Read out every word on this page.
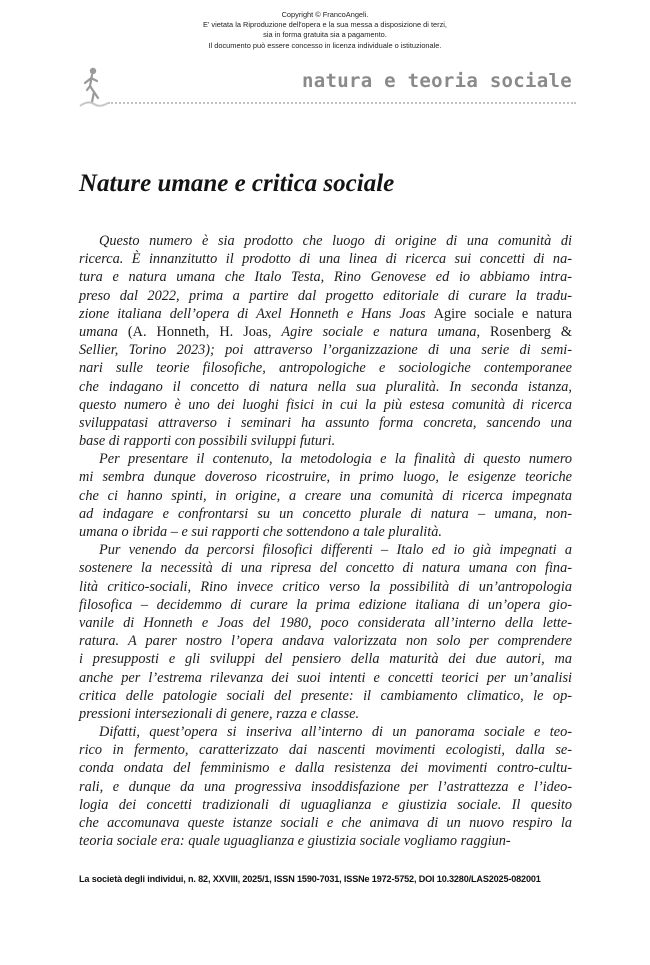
Copyright © FrancoAngeli.
E' vietata la Riproduzione dell'opera e la sua messa a disposizione di terzi,
sia in forma gratuita sia a pagamento.
Il documento può essere concesso in licenza individuale o istituzionale.
natura e teoria sociale
Nature umane e critica sociale

Questo numero è sia prodotto che luogo di origine di una comunità di
ricerca. È innanzitutto il prodotto di una linea di ricerca sui concetti di na-
tura e natura umana che Italo Testa, Rino Genovese ed io abbiamo intra-
preso dal 2022, prima a partire dal progetto editoriale di curare la tradu-
zione italiana dell’opera di Axel Honneth e Hans Joas Agire sociale e natura
umana (A. Honneth, H. Joas, Agire sociale e natura umana, Rosenberg &
Sellier, Torino 2023); poi attraverso l’organizzazione di una serie di semi-
nari sulle teorie filosofiche, antropologiche e sociologiche contemporanee
che indagano il concetto di natura nella sua pluralità. In seconda istanza,
questo numero è uno dei luoghi fisici in cui la più estesa comunità di ricerca
sviluppatasi attraverso i seminari ha assunto forma concreta, sancendo una
base di rapporti con possibili sviluppi futuri.

Per presentare il contenuto, la metodologia e la finalità di questo numero
mi sembra dunque doveroso ricostruire, in primo luogo, le esigenze teoriche
che ci hanno spinti, in origine, a creare una comunità di ricerca impegnata
ad indagare e confrontarsi su un concetto plurale di natura – umana, non-
umana o ibrida – e sui rapporti che sottendono a tale pluralità.

Pur venendo da percorsi filosofici differenti – Italo ed io già impegnati a
sostenere la necessità di una ripresa del concetto di natura umana con fina-
lità critico-sociali, Rino invece critico verso la possibilità di un’antropologia
filosofica – decidemmo di curare la prima edizione italiana di un’opera gio-
vanile di Honneth e Joas del 1980, poco considerata all’interno della lette-
ratura. A parer nostro l’opera andava valorizzata non solo per comprendere
i presupposti e gli sviluppi del pensiero della maturità dei due autori, ma
anche per l’estrema rilevanza dei suoi intenti e concetti teorici per un’analisi
critica delle patologie sociali del presente: il cambiamento climatico, le op-
pressioni intersezionali di genere, razza e classe.

Difatti, quest’opera si inseriva all’interno di un panorama sociale e teo-
rico in fermento, caratterizzato dai nascenti movimenti ecologisti, dalla se-
conda ondata del femminismo e dalla resistenza dei movimenti contro-cultu-
rali, e dunque da una progressiva insoddisfazione per l’astrattezza e l’ideo-
logia dei concetti tradizionali di uguaglianza e giustizia sociale. Il quesito
che accomunava queste istanze sociali e che animava di un nuovo respiro la
teoria sociale era: quale uguaglianza e giustizia sociale vogliamo raggiun-

La società degli individui, n. 82, XXVIII, 2025/1, ISSN 1590-7031, ISSNe 1972-5752, DOI 10.3280/LAS2025-082001
